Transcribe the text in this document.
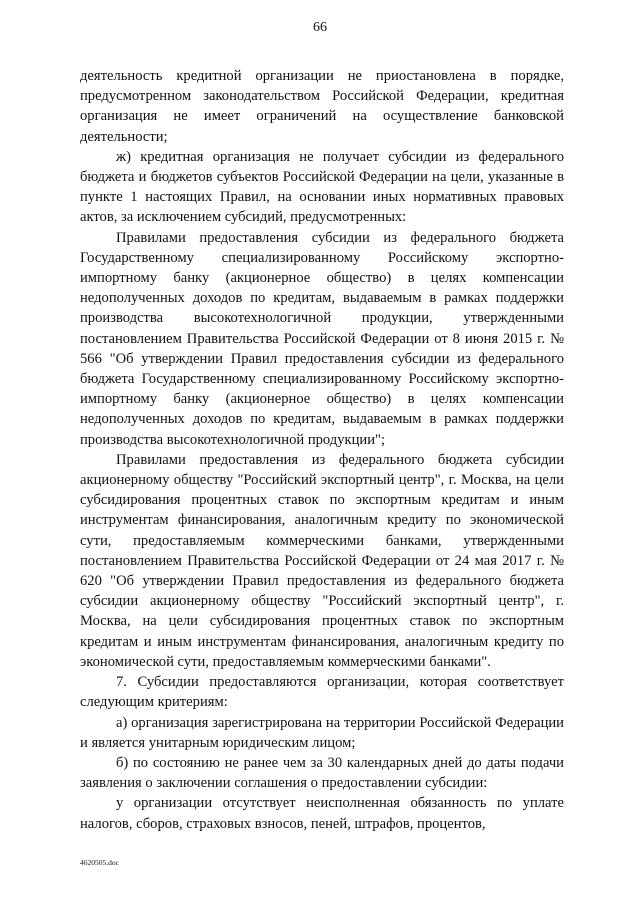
66

деятельность кредитной организации не приостановлена в порядке, предусмотренном законодательством Российской Федерации, кредитная организация не имеет ограничений на осуществление банковской деятельности;

ж) кредитная организация не получает субсидии из федерального бюджета и бюджетов субъектов Российской Федерации на цели, указанные в пункте 1 настоящих Правил, на основании иных нормативных правовых актов, за исключением субсидий, предусмотренных:

Правилами предоставления субсидии из федерального бюджета Государственному специализированному Российскому экспортно-импортному банку (акционерное общество) в целях компенсации недополученных доходов по кредитам, выдаваемым в рамках поддержки производства высокотехнологичной продукции, утвержденными постановлением Правительства Российской Федерации от 8 июня 2015 г. № 566 "Об утверждении Правил предоставления субсидии из федерального бюджета Государственному специализированному Российскому экспортно-импортному банку (акционерное общество) в целях компенсации недополученных доходов по кредитам, выдаваемым в рамках поддержки производства высокотехнологичной продукции";

Правилами предоставления из федерального бюджета субсидии акционерному обществу "Российский экспортный центр", г. Москва, на цели субсидирования процентных ставок по экспортным кредитам и иным инструментам финансирования, аналогичным кредиту по экономической сути, предоставляемым коммерческими банками, утвержденными постановлением Правительства Российской Федерации от 24 мая 2017 г. № 620 "Об утверждении Правил предоставления из федерального бюджета субсидии акционерному обществу "Российский экспортный центр", г. Москва, на цели субсидирования процентных ставок по экспортным кредитам и иным инструментам финансирования, аналогичным кредиту по экономической сути, предоставляемым коммерческими банками".

7. Субсидии предоставляются организации, которая соответствует следующим критериям:

а) организация зарегистрирована на территории Российской Федерации и является унитарным юридическим лицом;

б) по состоянию не ранее чем за 30 календарных дней до даты подачи заявления о заключении соглашения о предоставлении субсидии:

у организации отсутствует неисполненная обязанность по уплате налогов, сборов, страховых взносов, пеней, штрафов, процентов,

4620505.doc
